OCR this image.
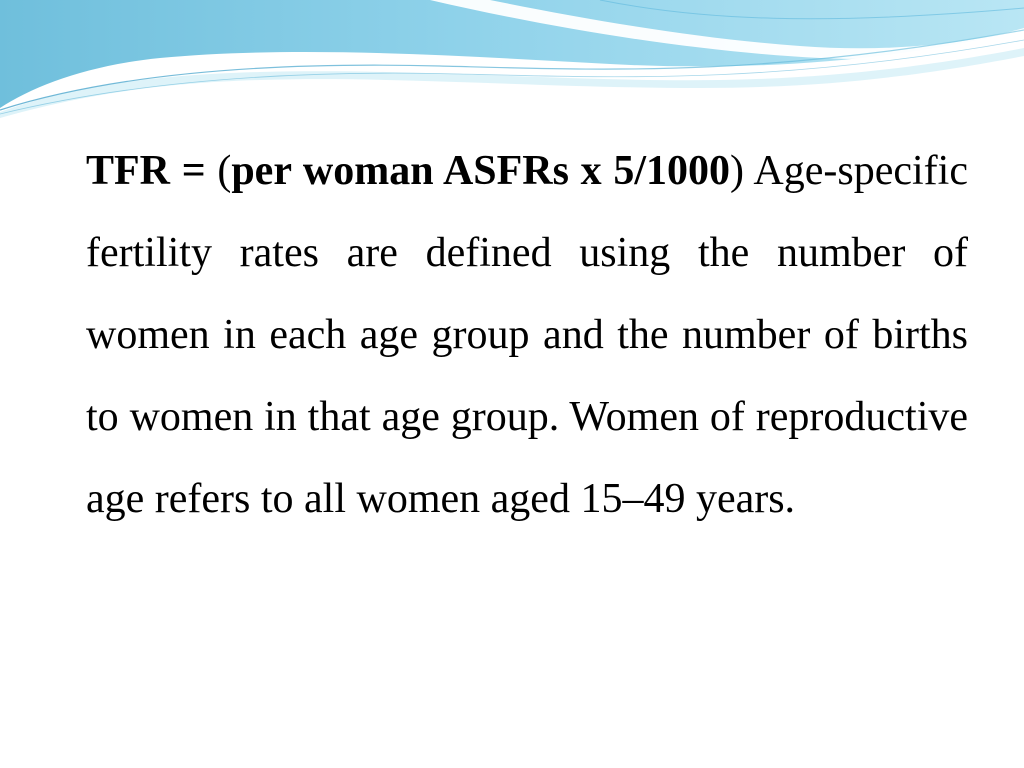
TFR = (per woman ASFRs x 5/1000) Age-specific fertility rates are defined using the number of women in each age group and the number of births to women in that age group. Women of reproductive age refers to all women aged 15–49 years.
